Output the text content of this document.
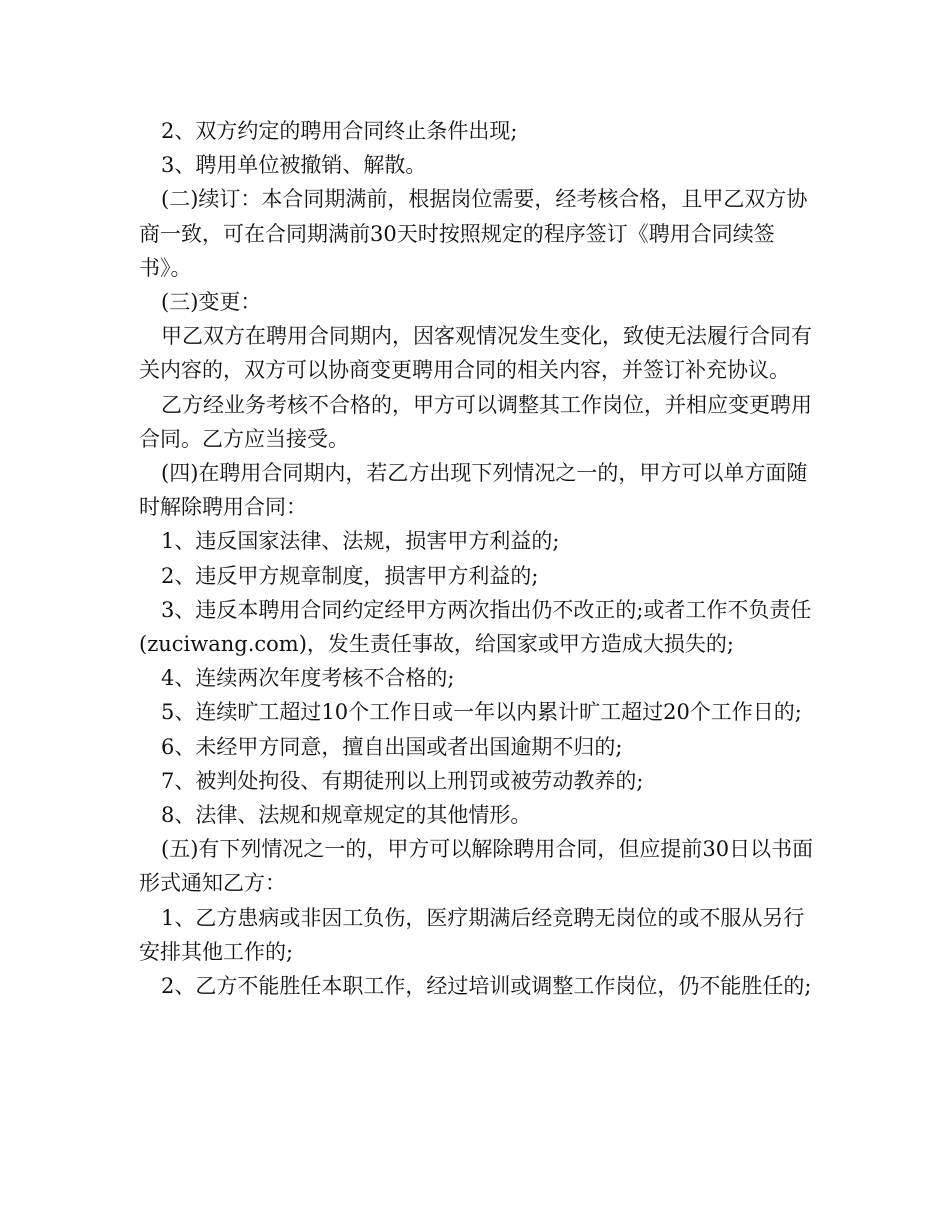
2、双方约定的聘用合同终止条件出现;

3、聘用单位被撤销、解散。

(二)续订：本合同期满前，根据岗位需要，经考核合格，且甲乙双方协商一致，可在合同期满前30天时按照规定的程序签订《聘用合同续签书》。

(三)变更：

甲乙双方在聘用合同期内，因客观情况发生变化，致使无法履行合同有关内容的，双方可以协商变更聘用合同的相关内容，并签订补充协议。

乙方经业务考核不合格的，甲方可以调整其工作岗位，并相应变更聘用合同。乙方应当接受。

(四)在聘用合同期内，若乙方出现下列情况之一的，甲方可以单方面随时解除聘用合同：

1、违反国家法律、法规，损害甲方利益的;

2、违反甲方规章制度，损害甲方利益的;

3、违反本聘用合同约定经甲方两次指出仍不改正的;或者工作不负责任(zuciwang.com)，发生责任事故，给国家或甲方造成大损失的;

4、连续两次年度考核不合格的;

5、连续旷工超过10个工作日或一年以内累计旷工超过20个工作日的;

6、未经甲方同意，擅自出国或者出国逾期不归的;

7、被判处拘役、有期徒刑以上刑罚或被劳动教养的;

8、法律、法规和规章规定的其他情形。

(五)有下列情况之一的，甲方可以解除聘用合同，但应提前30日以书面形式通知乙方：

1、乙方患病或非因工负伤，医疗期满后经竞聘无岗位的或不服从另行安排其他工作的;

2、乙方不能胜任本职工作，经过培训或调整工作岗位，仍不能胜任的;
